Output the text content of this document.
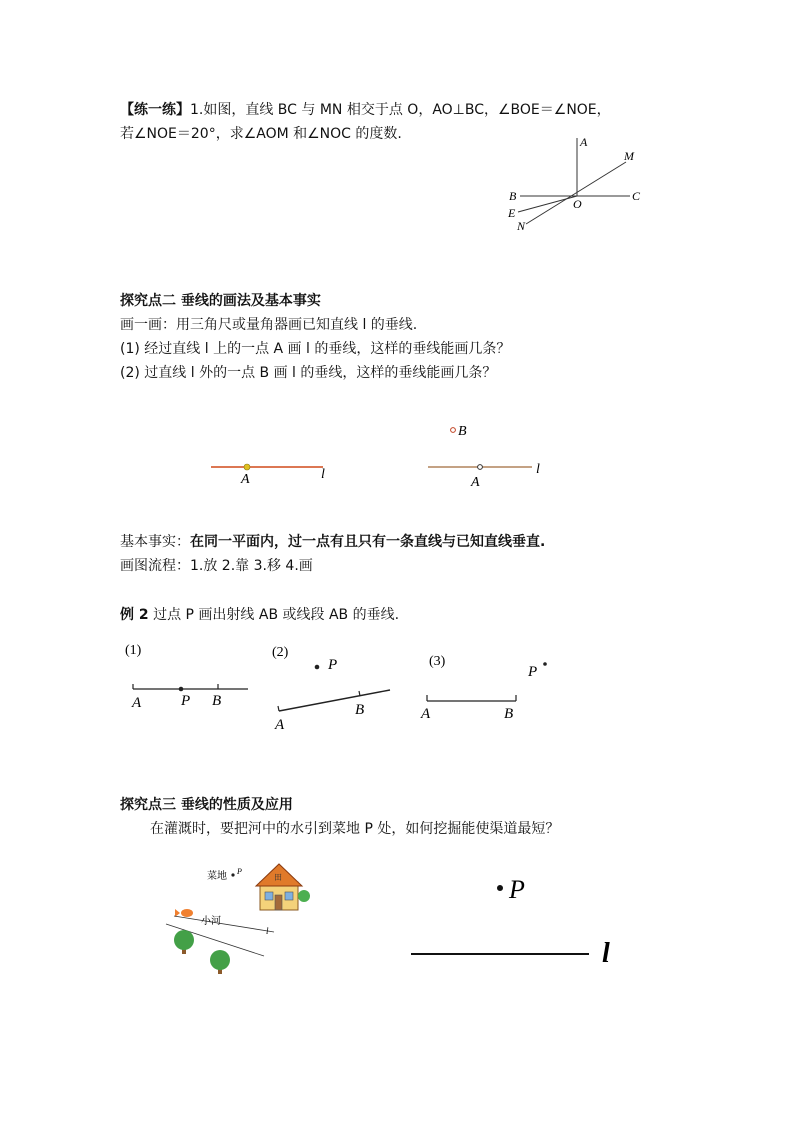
【练一练】1.如图，直线 BC 与 MN 相交于点 O，AO⊥BC，∠BOE＝∠NOE，
若∠NOE＝20°，求∠AOM 和∠NOC 的度数.	A
M
B
O
C
E
N
探究点二 垂线的画法及基本事实
画一画：用三角尺或量角器画已知直线 l 的垂线.
(1) 经过直线 l 上的一点 A 画 l 的垂线，这样的垂线能画几条？
(2) 过直线 l 外的一点 B 画 l 的垂线，这样的垂线能画几条？
A	l
B
A
l
基本事实：在同一平面内，过一点有且只有一条直线与已知直线垂直.
画图流程：1.放 2.靠 3.移 4.画
例 2 过点 P 画出射线 AB 或线段 AB 的垂线.
(1)
A	P B
(2)
P
A
B
(3)
P
A	B
探究点三 垂线的性质及应用
在灌溉时，要把河中的水引到菜地 P 处，如何挖掘能使渠道最短？
菜地 P
田
小河
l
P
l
